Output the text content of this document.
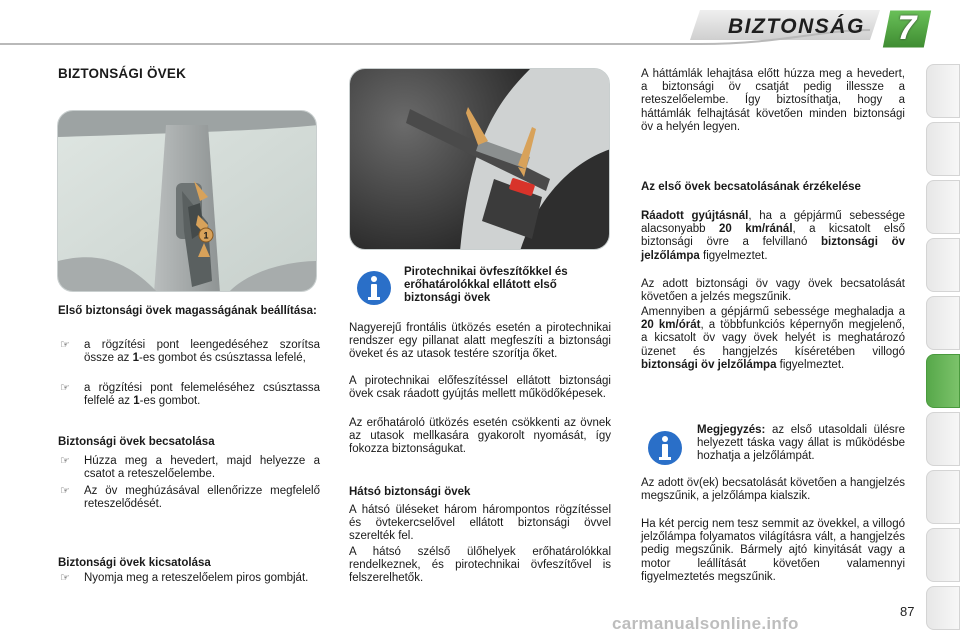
BIZTONSÁG 7
BIZTONSÁGI ÖVEK
1
Első biztonsági övek magasságának beállítása:
☞ a rögzítési pont leengedéséhez szorítsa össze az 1-es gombot és csúsztassa lefelé,
☞ a rögzítési pont felemeléséhez csúsztassa felfelé az 1-es gombot.
Biztonsági övek becsatolása
☞ Húzza meg a hevedert, majd helyezze a csatot a reteszelőelembe.
☞ Az öv meghúzásával ellenőrizze megfelelő reteszelődését.
Biztonsági övek kicsatolása
☞ Nyomja meg a reteszelőelem piros gombját.
Pirotechnikai övfeszítőkkel és erőhatárolókkal ellátott első biztonsági övek
Nagyerejű frontális ütközés esetén a pirotechnikai rendszer egy pillanat alatt megfeszíti a biztonsági öveket és az utasok testére szorítja őket.
A pirotechnikai előfeszítéssel ellátott biztonsági övek csak ráadott gyújtás mellett működőképesek.
Az erőhatároló ütközés esetén csökkenti az övnek az utasok mellkasára gyakorolt nyomását, így fokozza biztonságukat.
Hátsó biztonsági övek
A hátsó üléseket három hárompontos rögzítéssel és övtekercselővel ellátott biztonsági övvel szerelték fel.
A hátsó szélső ülőhelyek erőhatárolókkal rendelkeznek, és pirotechnikai övfeszítővel is felszerelhetők.
A háttámlák lehajtása előtt húzza meg a hevedert, a biztonsági öv csatját pedig illessze a reteszelőelembe. Így biztosíthatja, hogy a háttámlák felhajtását követően minden biztonsági öv a helyén legyen.
Az első övek becsatolásának érzékelése
Ráadott gyújtásnál, ha a gépjármű sebessége alacsonyabb 20 km/ránál, a kicsatolt első biztonsági övre a felvillanó biztonsági öv jelzőlámpa figyelmeztet.
Az adott biztonsági öv vagy övek becsatolását követően a jelzés megszűnik.
Amennyiben a gépjármű sebessége meghaladja a 20 km/órát, a többfunkciós képernyőn megjelenő, a kicsatolt öv vagy övek helyét is meghatározó üzenet és hangjelzés kíséretében villogó biztonsági öv jelzőlámpa figyelmeztet.
Megjegyzés: az első utasoldali ülésre helyezett táska vagy állat is működésbe hozhatja a jelzőlámpát.
Az adott öv(ek) becsatolását követően a hangjelzés megszűnik, a jelzőlámpa kialszik.
Ha két percig nem tesz semmit az övekkel, a villogó jelzőlámpa folyamatos világításra vált, a hangjelzés pedig megszűnik. Bármely ajtó kinyitását vagy a motor leállítását követően valamennyi figyelmeztetés megszűnik.
87
carmanualsonline.info
